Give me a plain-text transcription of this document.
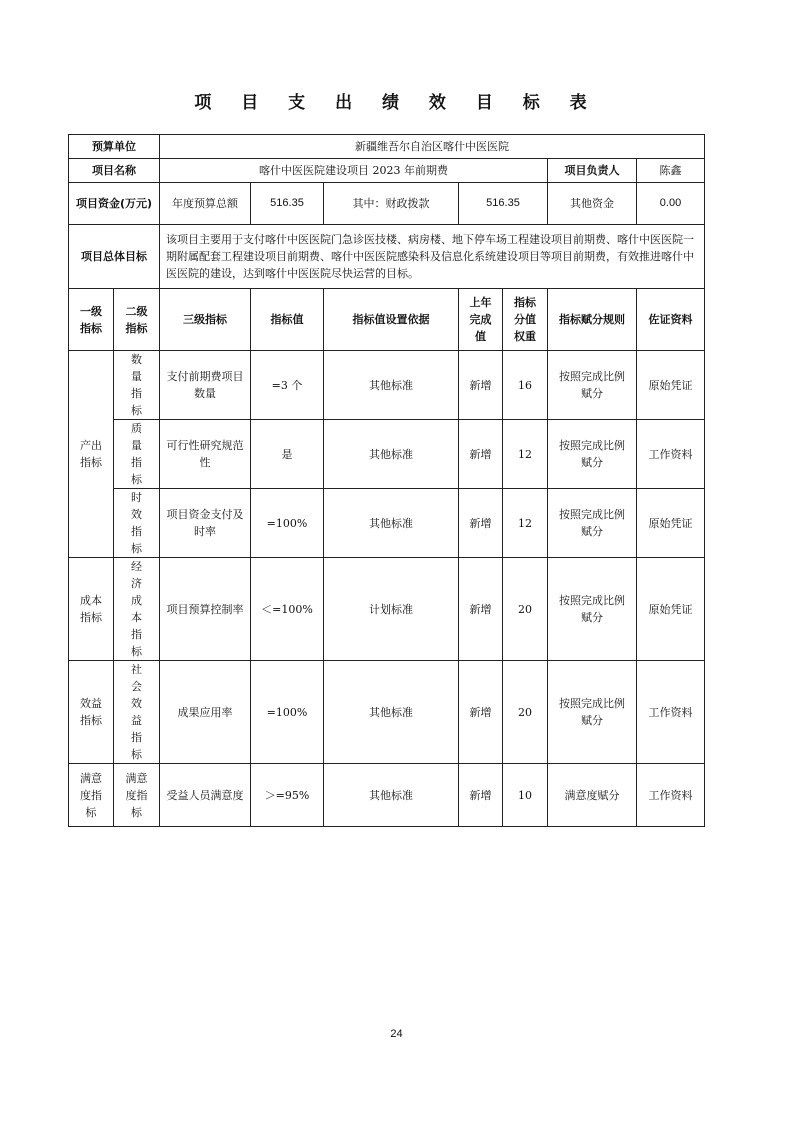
项 目 支 出 绩 效 目 标 表
预算单位		新疆维吾尔自治区喀什中医医院						
项目名称		喀什中医医院建设项目 2023 年前期费					项目负责人	陈鑫
项目资金(万元)		年度预算总额	516.35	其中：财政拨款	516.35		其他资金	0.00
项目总体目标		该项目主要用于支付喀什中医医院门急诊医技楼、病房楼、地下停车场工程建设项目前期费、喀什中医医院一期附属配套工程建设项目前期费、喀什中医医院感染科及信息化系统建设项目等项目前期费，有效推进喀什中医医院的建设，达到喀什中医医院尽快运营的目标。						
一级指标	二级指标	三级指标	指标值	指标值设置依据	上年完成值	指标分值权重	指标赋分规则	佐证资料
产出指标	数量指标	支付前期费项目数量	=3 个	其他标准	新增	16	按照完成比例赋分	原始凭证
	质量指标	可行性研究规范性	是	其他标准	新增	12	按照完成比例赋分	工作资料
	时效指标	项目资金支付及时率	=100%	其他标准	新增	12	按照完成比例赋分	原始凭证
成本指标	经济成本指标	项目预算控制率	＜=100%	计划标准	新增	20	按照完成比例赋分	原始凭证
效益指标	社会效益指标	成果应用率	=100%	其他标准	新增	20	按照完成比例赋分	工作资料
满意度指标	满意度指标	受益人员满意度	＞=95%	其他标准	新增	10	满意度赋分	工作资料
24
